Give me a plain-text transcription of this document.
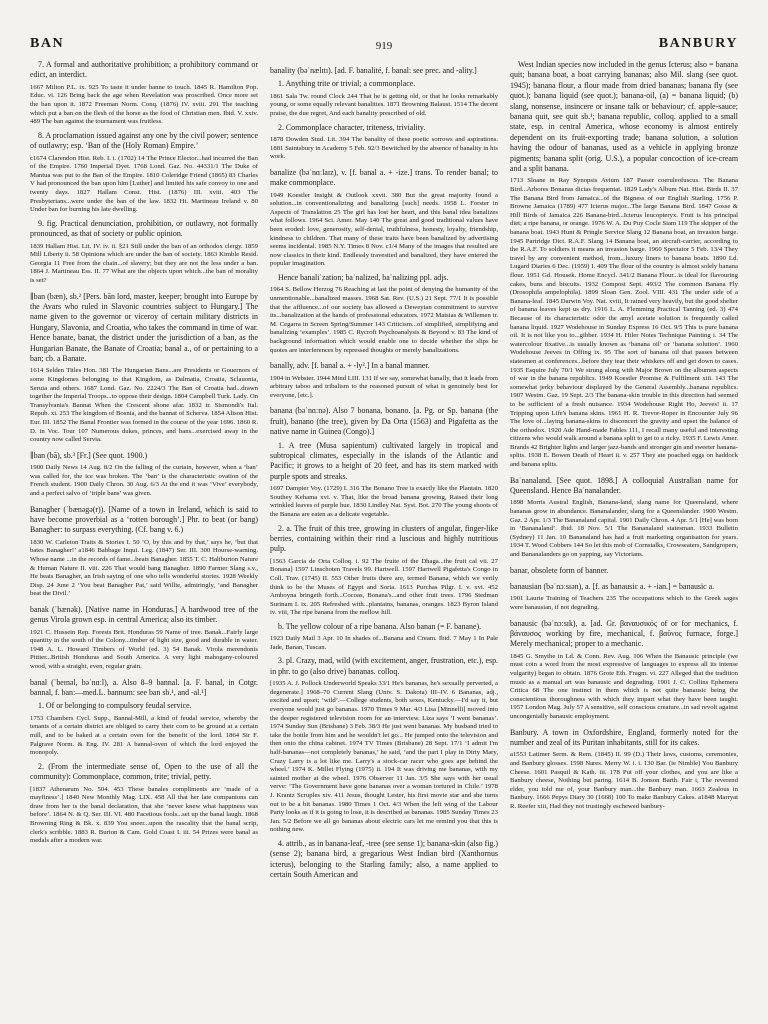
BAN	919	BANBURY

7. A formal and authoritative prohibition; a prohibitory command or edict, an interdict.

1667 Milton P.L. ix. 925 To taste it under banne to touch. 1845 R. Hamilton Pop. Educ. vi. 126 Bring back the age when Revelation was proscribed. Once more set the ban upon it. 1872 Freeman Norm. Conq. (1876) IV. xviii. 291 The teaching which put a ban on the flesh of the horse as the food of Christian men. Ibid. V. xxiv. 489 The ban against the tournament was fruitless.

8. A proclamation issued against any one by the civil power; sentence of outlawry; esp. ‘Ban of the (Holy Roman) Empire.’

c1674 Clarendon Hist. Reb. I. i. (1702) 14 The Prince Elector...had incurred the Ban of the Empire. 1760 Imperial Dyet. 1768 Lond. Gaz. No. 44331/1 The Duke of Mantua was put to the Ban of the Empire. 1810 Coleridge Friend (1865) 83 Charles V had pronounced the ban upon him [Luther] and limited his safe convoy to one and twenty days. 1827 Hallam Const. Hist. (1876) III. xviii. 403 The Presbyterians...were under the ban of the law. 1832 Ht. Martineau Ireland v. 80 Under ban for burning his late dwelling.

9. fig. Practical denunciation, prohibition, or outlawry, not formally pronounced, as that of society or public opinion.

1839 Hallam Hist. Lit. IV. iv. ii. §21 Still under the ban of an orthodox clergy. 1859 Mill Liberty ii. 58 Opinions which are under the ban of society. 1863 Kimble Resid. Georgia 11 Free from the chain...of slavery; but they are not the less under a ban. 1864 J. Martineau Ess. II. 77 What are the objects upon which...the ban of morality is set?

∥ban (bæn), sb.² [Pers. bān lord, master, keeper; brought into Europe by the Avars who ruled in Slavonic countries subject to Hungary.] The name given to the governor or viceroy of certain military districts in Hungary, Slavonia, and Croatia, who takes the command in time of war. Hence banate, banat, the district under the jurisdiction of a ban, as the Hungarian Banate, the Banate of Croatia; banal a., of or pertaining to a ban; cb. a Banate.

1614 Selden Titles Hon. 381 The Hungarian Bans...are Presidents or Gouernors of some Kingdomes belonging to that Kingdom, as Dalmatia, Croatia, Sclauonia, Seruia and others. 1687 Lond. Gaz. No. 2224/3 The Ban of Croatia had...drawn together the Imperial Troops...to oppose their design. 1804 Campbell Turk. Lady. On Transylvania's Bannat When the Crescent shone afar. 1832 tr. Sismondi's Ital. Repub. xi. 253 The kingdom of Bosnia, and the bannat of Scherva. 1854 Alison Hist. Eur. III. 1852 The Banal Frontier was formed in the course of the year 1696. 1860 R. D. in Voc. Tour 107 Numerous dukes, princes, and bans...exercised away in the country now called Servia.

∥ban (bã), sb.³ [Fr.] (See quot. 1900.)

1900 Daily News 14 Aug. 8/2 On the falling of the curtain, however, when a ‘ban’ was called for, the ice was broken. The ‘ban’ is the characteristic ovation of the French student. 1900 Daily Chron. 30 Aug. 6/3 At the end it was ‘Vive’ everybody, and a perfect salvo of ‘triple bans’ was given.

Banagher (ˈbænəgə(r)). [Name of a town in Ireland, which is said to have become proverbial as a ‘rotten borough’.] Phr. to beat (or bang) Banagher: to surpass everything. (Cf. bang v. 6.)

1830 W. Carleton Traits & Stories I. 50 ‘O, by this and by that,’ says he, ‘but that bates Banagher!’ a1846 Babbage Inqui. Leg. (1847) Ser. III. 300 Hourse-warning. Whose name ...in the records of fame...beats Banagher. 1855 T. C. Haliburton Nature & Human Nature II. viii. 226 That would bang Banagher. 1890 Farmer Slang s.v., He beats Banagher, an Irish saying of one who tells wonderful stories. 1928 Weekly Disp. 24 June 2 ‘You beat Banagher Pat,’ said Willie, admiringly, ‘and Banagher beat the Divil.’

banak (ˈbænək). [Native name in Honduras.] A hardwood tree of the genus Virola grown esp. in central America; also its timber.

1921 C. Hussein Rep. Forests Brit. Honduras 59 Name of tree. Banak...Fairly large quantity in the south of the Colony...timber of light size, good and durable in water. 1948 A. L. Howard Timbers of World (ed. 3) 54 Banak. Virola merendonis Pittier...British Honduras and South America. A very light mahogany-coloured wood, with a straight, even, regular grain.

banal (ˈbeɪnəl, bəˈnɑːl), a. Also 8–9 bannal. [a. F. banal, in Cotgr. bannal, f. ban:—med.L. bannum: see ban sb.¹, and -al.¹]

1. Of or belonging to compulsory feudal service.

1753 Chambers Cycl. Supp., Bannal-Mill, a kind of feudal service, whereby the tenants of a certain district are obliged to carry their corn to be ground at a certain mill, and to be baked at a certain oven for the benefit of the lord. 1864 Sir F. Palgrave Norm. & Eng. IV. 281 A bannal-oven of which the lord enjoyed the monopoly.

2. (From the intermediate sense of, Open to the use of all the community): Commonplace, common, trite; trivial, petty.

[1837 Athenæum No. 504. 453 These banales compliments are ‘made of a mayfiness’.] 1840 New Monthly Mag. LIX. 458 All that her late companions can draw from her is the banal declaration, that she ‘never knew what happiness was before’. 1864 N. & Q. Ser. III. VI. 480 Facetious fools...set up the banal laugh. 1868 Browning Ring & Bk. x. 839 You sneer...upon the rascality that the banal scrip, clerk's scribble. 1883 R. Burton & Cam. Gold Coast I. iii. 54 Prizes were banal as medals after a modern war.

banality (bəˈnælɪtɪ). [ad. F. banalité, f. banal: see prec. and -ality.]

1. Anything trite or trivial; a commonplace.

1861 Sala Tw. round Clock 244 That he is getting old, or that he looks remarkably young, or some equally relevant banalities. 1871 Browning Balaust. 1514 The decent praise, the due regret, And each banality prescribed of old.

2. Commonplace character, triteness, triviality.

1878 Dowden Stud. Lit. 394 The banality of these poetic sorrows and aspirations. 1881 Saintsbury in Academy 5 Feb. 92/3 Bewitched by the absence of banality in his work.

banalize (bəˈnɑːlaɪz), v. [f. banal a. + -ize.] trans. To render banal; to make commonplace.

1949 Koestler Insight & Outlook xxvii. 380 But the great majority found a solution...in conventionalizing and banalizing [such] needs. 1958 L. Forster in Aspects of Translation 25 The girl has lost her heart, and this banal idea banalizes what follows. 1964 Sci. Amer. May 140 The great and good traditional values have been eroded: love, generosity, self-denial, truthfulness, honesty, loyalty, friendship, kindness to children. That many of these traits have been banalized by advertising seems incidental. 1985 N.Y. Times 8 Nov. c1/4 Many of the images that resulted are now classics in their kind. Endlessly travestied and banalized, they have entered the popular imagination.

Hence banaliˈzation; baˈnalized, baˈnalizing ppl. adjs.

1964 S. Bellow Herzog 76 Reaching at last the point of denying the humanity of the unmentionable...banalized masses. 1968 Sat. Rev. (U.S.) 21 Sept. 77/1 It is possible that the affluence...of our society has allowed a Deweyian commitment to survive its...banalization at the hands of professional educators. 1972 Matsias & Willemen tr. M. Cegarra in Screen Spring/Summer 143 Criticism...of simplified, simplifying and banalizing ‘examples’. 1985 C. Rycroft Psychoanalysis & Beyond v. 83 The kind of background information which would enable one to decide whether the slips he quotes are interferences by repressed thoughts or merely banalizations.

banally, adv. [f. banal a. + -ly².] In a banal manner.

1904 in Webster. 1944 Mind LIII. 131 If we say, somewhat banally, that it leads from arbitrary taboo and tribalism to the reasoned pursuit of what is genuinely best for everyone, [etc.].

banana (bəˈnɑːnə). Also 7 bonana, bonano. [a. Pg. or Sp. banana (the fruit), banano (the tree), given by Da Orta (1563) and Pigafetta as the native name in Guinea (Congo).]

1. A tree (Musa sapientum) cultivated largely in tropical and subtropical climates, especially in the islands of the Atlantic and Pacific; it grows to a height of 20 feet, and has its stem marked with purple spots and streaks.

1697 Dampier Voy. (1729) I. 316 The Bonano Tree is exactly like the Plantain. 1820 Southey Kehama xvi. v. That, like the broad banana growing, Raised their long wrinkled leaves of purple hue. 1830 Lindley Nat. Syst. Bot. 270 The young shoots of the Banana are eaten as a delicate vegetable.

2. a. The fruit of this tree, growing in clusters of angular, finger-like berries, containing within their rind a luscious and highly nutritious pulp.

[1563 Garcia de Orta Colloq. i. 92 The fruite of the Dhaga...the fruit cal vii. 27 Bonana] 1597 Linschoten Travels 99. Hartwell. 1597 Hartwell Pigafetta's Congo in Coll. Trav. (1745) II. 553 Other fruits there are, termed Banana, which we verily think to be the Muses of Egypt and Soria. 1613 Purchas Pilgr. I. v. xvi. 452 Amboyna bringeth forth...Cocoas, Bonana's...and other fruit trees. 1796 Stedman Surinam I. ix. 205 Refreshed with...plantains, bananas, oranges. 1823 Byron Island iv. viii, The ripe banana from the mellow hill.

b. The yellow colour of a ripe banana. Also banan (= F. banane).

1923 Daily Mail 3 Apr. 10 In shades of...Banana and Cream. Ibid. 7 May 1 In Pale Jade, Banan, Tuscan.

3. pl. Crazy, mad, wild (with excitement, anger, frustration, etc.), esp. in phr. to go (also drive) bananas. colloq.

[1935 A. J. Pollock Underworld Speaks 33/1 He's bananas, he's sexually perverted, a degenerate.] 1968–70 Current Slang (Univ. S. Dakota) III–IV. 6 Bananas, adj., excited and upset; ‘wild’.—College students, both sexes, Kentucky.—I'd say it, but everyone would just go bananas. 1970 Times 9 Mar. 4/3 Lisa [Minnelli] moved into the deeper registered television room for an interview. Liza says ‘I went bananas’. 1974 Sunday Sun (Brisbane) 3 Feb. 38/3 He just went bananas. My husband tried to take the bottle from him and he wouldn't let go... He jumped onto the television and then onto the china cabinet. 1974 TV Times (Brisbane) 28 Sept. 17/1 ‘I admit I'm half-bananas—not completely bananas,’ he said, ‘and the part I play in Dirty Mary, Crazy Larry is a lot like me. Larry's a stock-car racer who goes ape behind the wheel.’ 1974 K. Millet Flying (1975) ii. 194 It was driving me bananas, with my sainted mother at the wheel. 1976 Observer 11 Jan. 3/5 She says with her usual verve: ‘The Government have gone bananas over a woman tortured in Chile.’ 1978 J. Krantz Scruples xiv. 411 Jesus, thought Lester, his first movie star and she turns out to be a bit bananas. 1980 Times 1 Oct. 4/3 When the left wing of the Labour Party looks as if it is going to lose, it is described as bananas. 1985 Sunday Times 23 Jan. 5/2 Before we all go bananas about electric cars let me remind you that this is nothing new.

4. attrib., as in banana-leaf, -tree (see sense 1); banana-skin (also fig.) (sense 2); banana bird, a gregarious West Indian bird (Xanthornus icterus), belonging to the Starling family; also, a name applied to certain South American and

West Indian species now included in the genus Icterus; also = banana quit; banana boat, a boat carrying bananas; also Mil. slang (see quot. 1945); banana flour, a flour made from dried bananas; banana fly (see quot.); banana liquid (see quot.); banana-oil, (a) = banana liquid; (b) slang, nonsense, insincere or insane talk or behaviour; cf. apple-sauce; banana quit, see quit sb.¹; banana republic, colloq. applied to a small state, esp. in central America, whose economy is almost entirely dependent on its fruit-exporting trade; banana solution, a solution having the odour of bananas, used as a vehicle in applying bronze pigments; banana split (orig. U.S.), a popular concoction of ice-cream and a split banana.

1713 Sloane in Ray Synopsis Avium 187 Passer coeruleofuscus. The Banana Bird...Arbores Bonanas dictas frequentat. 1829 Lady's Album Nat. Hist. Birds II. 37 The Banana Bird from Jamaica...of the Bigness of our English Starling. 1756 P. Browne Jamaica (1789) 477 Icterus major...The large Banana Bird. 1847 Gosse & Hill Birds of Jamaica 226 Banana-bird...Icterus leucopteryx. Fruit is his principal diet; a ripe banana, or orange. 1976 W. A. Du Puy Cocle Siam 119 The skipper of the banana boat. 1943 Hunt & Pringle Service Slang 12 Banana boat, an invasion barge. 1945 Partridge Dict. R.A.F. Slang 14 Banana boat, an aircraft-carrier, according to the R.A.F. To soldiers it means an invasion barge. 1960 Spectator 5 Feb. 13/4 They travel by any convenient method, from...luxury liners to banana boats. 1890 Ld. Lugard Diaries 6 Dec. (1959) I. 409 The flour of the country is almost solely banana flour. 1951 Gd. Housek. Home Encycl. 341/2 Banana Flour...is ideal for flavouring cakes, buns and biscuits. 1932 Compost Sept. 493/2 The common Banana Fly (Drosophila ampelophila). 1899 Sloan Gen. Zool. VIII. 431 The under side of a Banana-leaf. 1845 Darwin Voy. Nat. xviii, It rained very heavily, but the good shelter of banana leaves kept us dry. 1916 L. A. Flemming Practical Tanning (ed. 3) 474 Because of its characteristic odor the amyl acetate solution is frequently called banana liquid. 1927 Wodehouse in Sunday Express 16 Oct. 9/5 This is pure banana oil. It is not like you to...gibber. 1934 H. Hiler Notes Technique Painting i. 34 The watercolour fixative...is usually known as ‘banana oil’ or ‘banana solution’. 1960 Wodehouse Jeeves in Offing ix. 95 The sort of banana oil that passes between statesmen at conferences...before they tear their whiskers off and get down to cases. 1935 Esquire July 70/1 We strung along with Major Brown on the albumen aspects of war in the banana republics. 1949 Koestler Promise & Fulfilment xiii. 143 The somewhat jerky behaviour displayed by the General Assembly...banana republics. 1907 Westm. Gaz. 19 Sept. 2/3 The banana-skin trouble in this direction had seemed to be sufficient of a fresh nuisance. 1934 Wodehouse Right Ho, Jeeves! ii. 17 Tripping upon Life's banana skins. 1961 H. R. Trevor-Roper in Encounter July 96 The love of...laying banana-skins to disconcert the gravity and upset the balance of the orthodox. 1920 Ade Hand-made Fables 111, I recall many useful and interesting citizens who would walk around a banana split to get to a ricky. 1935 F. Lewis Amer. Brands 42 Brighter lights and larger jazz-bands and stronger gin and sweeter banana-splits. 1938 E. Bowen Death of Heart ii. v. 257 They ate poached eggs on haddock and banana splits.

Baˈnanaland. [See quot. 1898.] A colloquial Australian name for Queensland. Hence Baˈnanalander.

1898 Morris Austral English, Banana-land, slang name for Queensland, where bananas grow in abundance. Bananalander, slang for a Queenslander. 1900 Westm. Gaz. 2 Apr. 1/3 The Bananaland capital. 1901 Daily Chron. 4 Apr. 5/1 [He] was born in ‘Bananaland’. Ibid. 18 Nov. 5/1 The Bananaland statesman. 1933 Bulletin (Sydney) 11 Jan. 10 Bananaland has had a fruit marketing organisation for years. 1934 T. Wood Cobbers 144 So let this mob of Cornstalks, Crowseaters, Sandgropers, and Bananalanders go on yapping, say Victorians.

banar, obsolete form of banner.

banausian (bəˈnɔːsɪən), a. [f. as banausic a. + -ian.] = banausic a.

1901 Laurie Training of Teachers 235 The occupations which to the Greek sages were banausian, if not degrading.

banausic (bəˈnɔːsɪk), a. [ad. Gr. βαναυσικός of or for mechanics, f. βάναυσος working by fire, mechanical, f. βαῦνος furnace, forge.] Merely mechanical; proper to a mechanic.

1845 G. Smythe in Ld. & Conn. Rev. Aug. 106 When the Banausic principle (we must coin a word from the most expressive of languages to express all its intense vulgarity) began to obtain. 1876 Grote Eth. Fragm. vi. 227 Alleged that the tradition music as a manual art was banausic and degrading. 1901 J. C. Collins Ephemera Critica 68 The one instinct in them which is not quite banausic being the conscientious thoroughness with which they impart what they have been taught. 1957 London Mag. July 57 A sensitive, self conscious creature...in sad revolt against uncongenially banausic employment.

Banbury. A town in Oxfordshire, England, formerly noted for the number and zeal of its Puritan inhabitants, still for its cakes.

a1553 Latimer Serm. & Rem. (1845) II. 99 (D.) Their laws, customs, ceremonies, and Banbury glosses. 1598 Nares. Merry W. i. i. 130 Bar. (ie Nimble) You Banbury Cheese. 1601 Pasquil & Kath. iii. 178 Put off your clothes, and you are like a Banbury cheese, Nothing but paring. 1614 B. Jonson Barth. Fair i, The reverend elder, you told me of, your Banbury man...the Banbury man. 1663 Zealous in Banbury. 1666 Pepys Diary 30 (1668) 100 To make Banbury Cakes. a1848 Marryat R. Reefer xiii, Had they not trustingly eschewed banbury-
